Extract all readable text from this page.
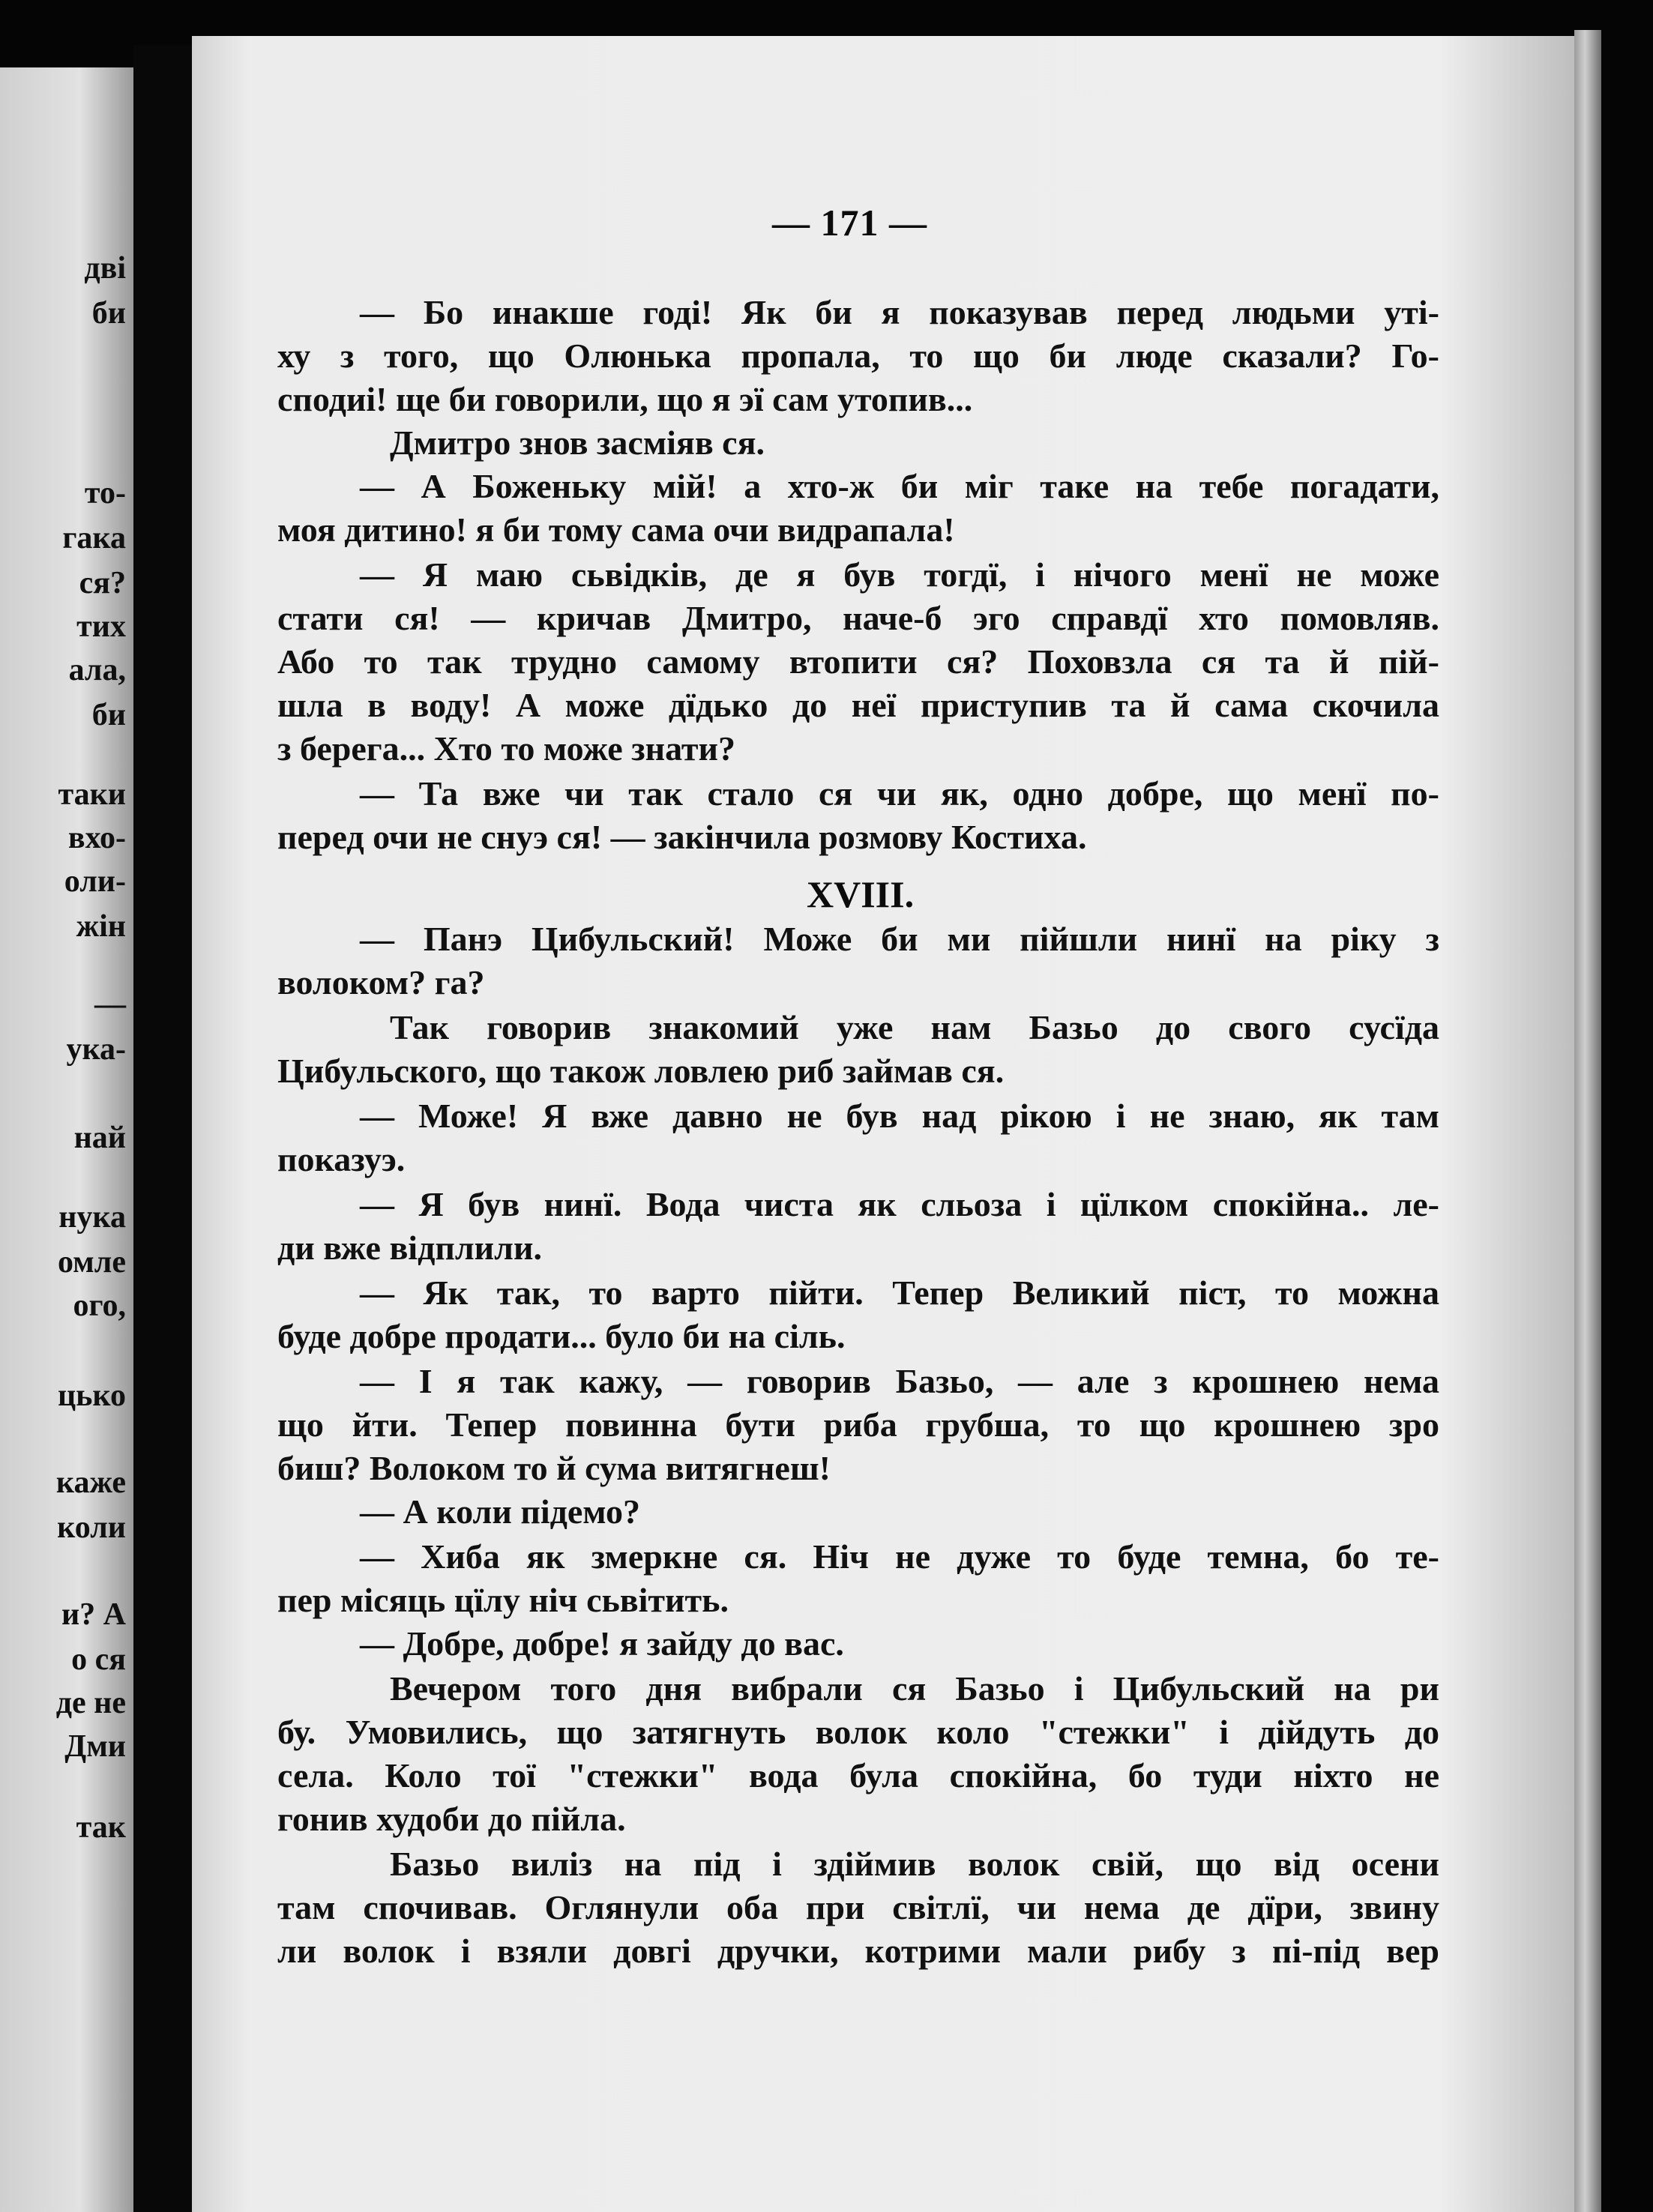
дві
би
то-
гака
ся?
тих
ала,
би
таки
вхо-
оли-
жін
—
ука-
най
нука
омле
ого,
цько
каже
коли
и? А
о ся
де не
Дми
так
— 171 —
XVIII.
— Бо инакше годі! Як би я показував перед людьми уті-
ху з того, що Олюнька пропала, то що би люде сказали? Го-
сподиі! ще би говорили, що я эї сам утопив...
Дмитро знов засміяв ся.
— А Боженьку мій! а хто-ж би міг таке на тебе погадати,
моя дитино! я би тому сама очи видрапала!
— Я маю сьвідків, де я був тогдї, і нічого менї не може
стати ся! — кричав Дмитро, наче-б эго справдї хто помовляв.
Або то так трудно самому втопити ся? Поховзла ся та й пій-
шла в воду! А може дїдько до неї приступив та й сама скочила
з берега... Хто то може знати?
— Та вже чи так стало ся чи як, одно добре, що менї по-
перед очи не снуэ ся! — закінчила розмову Костиха.
— Панэ Цибульский! Може би ми пійшли нинї на рiку з
волоком? га?
Так говорив знакомий уже нам Базьо до свого сусїда
Цибульского, що також ловлею риб займав ся.
— Може! Я вже давно не був над рікою і не знаю, як там
показуэ.
— Я був нинї. Вода чиста як сльоза і цїлком спокійна.. ле-
ди вже відплили.
— Як так, то варто пійти. Тепер Великий піст, то можна
буде добре продати... було би на сіль.
— І я так кажу, — говорив Базьо, — але з крошнею нема
що йти. Тепер повинна бути риба грубша, то що крошнею зро
биш? Волоком то й сума витягнеш!
— А коли підемо?
— Хиба як змеркне ся. Ніч не дуже то буде темна, бо те-
пер місяць цїлу ніч сьвітить.
— Добре, добре! я зайду до вас.
Вечером того дня вибрали ся Базьо і Цибульский на ри
бу. Умовились, що затягнуть волок коло "стежки" і дійдуть до
села. Коло тої "стежки" вода була спокійна, бо туди ніхто не
гонив худоби до пійла.
Базьо виліз на під і здіймив волок свій, що від осени
там спочивав. Оглянули оба при світлї, чи нема де дїри, звину
ли волок і взяли довгі дручки, котрими мали рибу з пі-під вер
